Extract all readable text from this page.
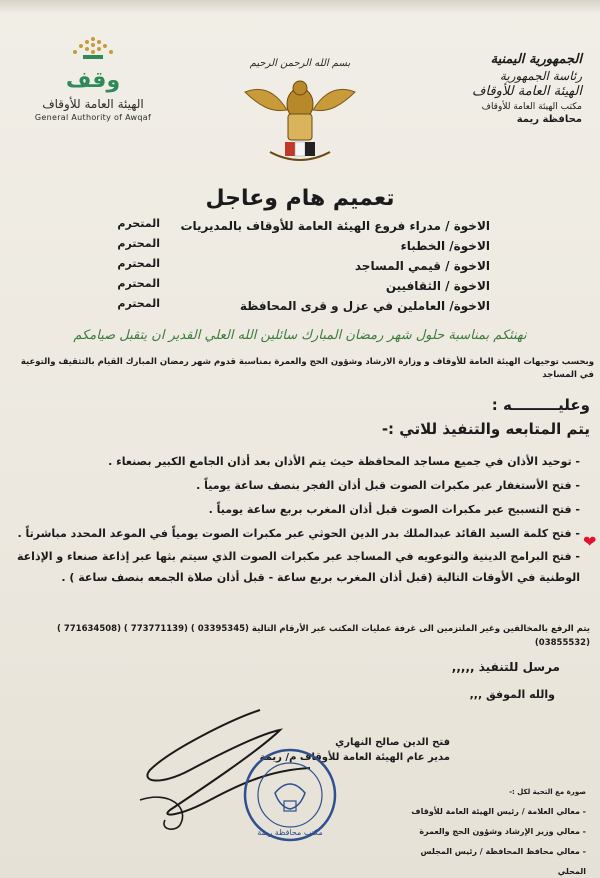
الجمهورية اليمنية
رئاسة الجمهورية
الهيئة العامة للأوقاف
مكتب الهيئة العامة للأوقاف
محافظة ريمة
بسم الله الرحمن الرحيم
وقف
الهيئة العامة للأوقاف
General Authority of Awqaf
تعميم هام وعاجل
الاخوة / مدراء فروع الهيئة العامة للأوقاف بالمديريات
الاخوة/ الخطباء
الاخوة / قيمي المساجد
الاخوة / الثقافيين
الاخوة/ العاملين في عزل و قرى المحافظة
المتحرم
المحترم
المحترم
المحترم
المحترم
نهنئكم بمناسبة حلول شهر رمضان المبارك سائلين الله العلي القدير ان يتقبل صيامكم
وبحسب توجيهات الهيئة العامة للأوقاف و وزارة الارشاد وشؤون الحج والعمرة بمناسبة قدوم شهر رمضان المبارك القيام بالتثقيف والتوعية في المساجد
وعليـــــــــه :
يتم المتابعه والتنفيذ للاتي :-
- توحيد الأذان في جميع مساجد المحافظة حيث يتم الأذان بعد أذان الجامع الكبير بصنعاء .
- فتح الأستغفار عبر مكبرات الصوت قبل أذان الفجر بنصف ساعة يومياً .
- فتح التسبيح عبر مكبرات الصوت قبل أذان المغرب بربع ساعة يومياً .
- فتح كلمة السيد القائد عبدالملك بدر الدين الحوثي عبر مكبرات الصوت يومياً في الموعد المحدد مباشرتاً .
- فتح البرامج الدينية والتوعويه في المساجد عبر مكبرات الصوت الذي سيتم بثها عبر إذاعة صنعاء و الإذاعة الوطنية في الأوقات التالية (قبل أذان المغرب بربع ساعة - قبل أذان صلاة الجمعه بنصف ساعة ) .
❤
يتم الرفع بالمخالفين وغير الملتزمين الى غرفة عمليات المكتب عبر الأرقام التالية (03395345 ) (773771139 ) (771634508 ) (03855532)
مرسل للتنفيذ ,,,,,
والله الموفق ,,,
فتح الدين صالح النهاري
مدير عام الهيئة العامة للأوقاف م/ ريمة
مكتب محافظة ريمة
صورة مع التحية لكل :-
- معالي العلامة / رئيس الهيئة العامة للأوقاف
- معالي وزير الإرشاد وشؤون الحج والعمرة
- معالي محافظ المحافظة / رئيس المجلس المحلي
